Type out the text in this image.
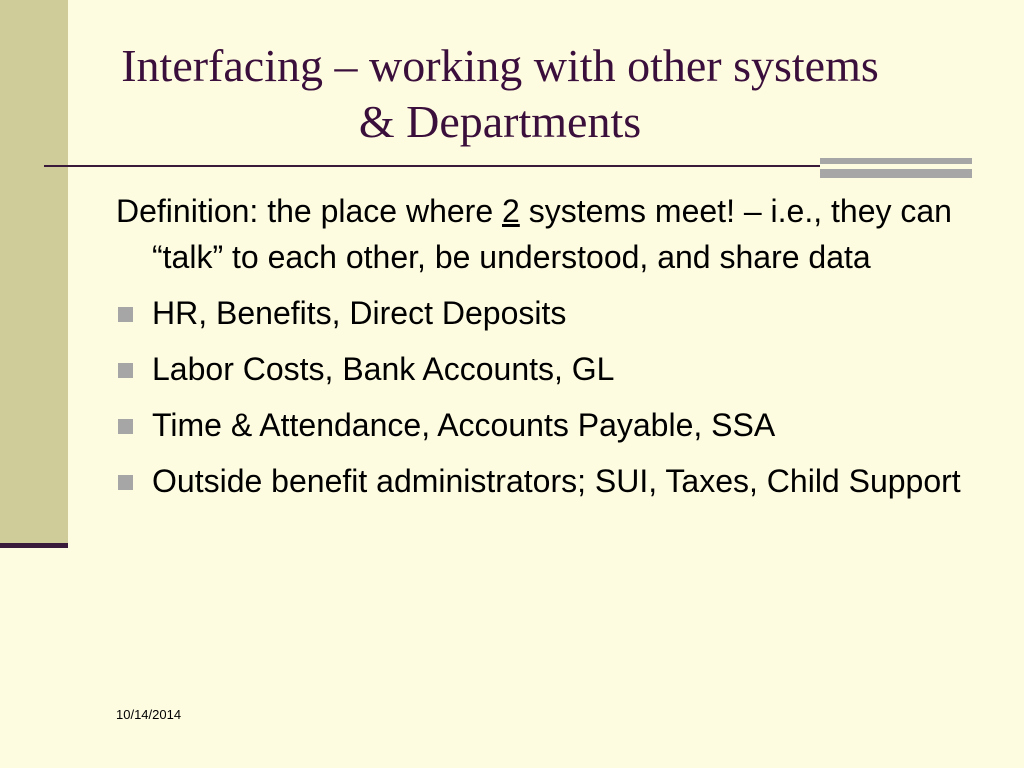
Interfacing – working with other systems & Departments

Definition: the place where 2 systems meet! – i.e., they can “talk” to each other, be understood, and share data

HR, Benefits, Direct Deposits
Labor Costs, Bank Accounts, GL
Time & Attendance, Accounts Payable, SSA
Outside benefit administrators; SUI, Taxes, Child Support
10/14/2014
